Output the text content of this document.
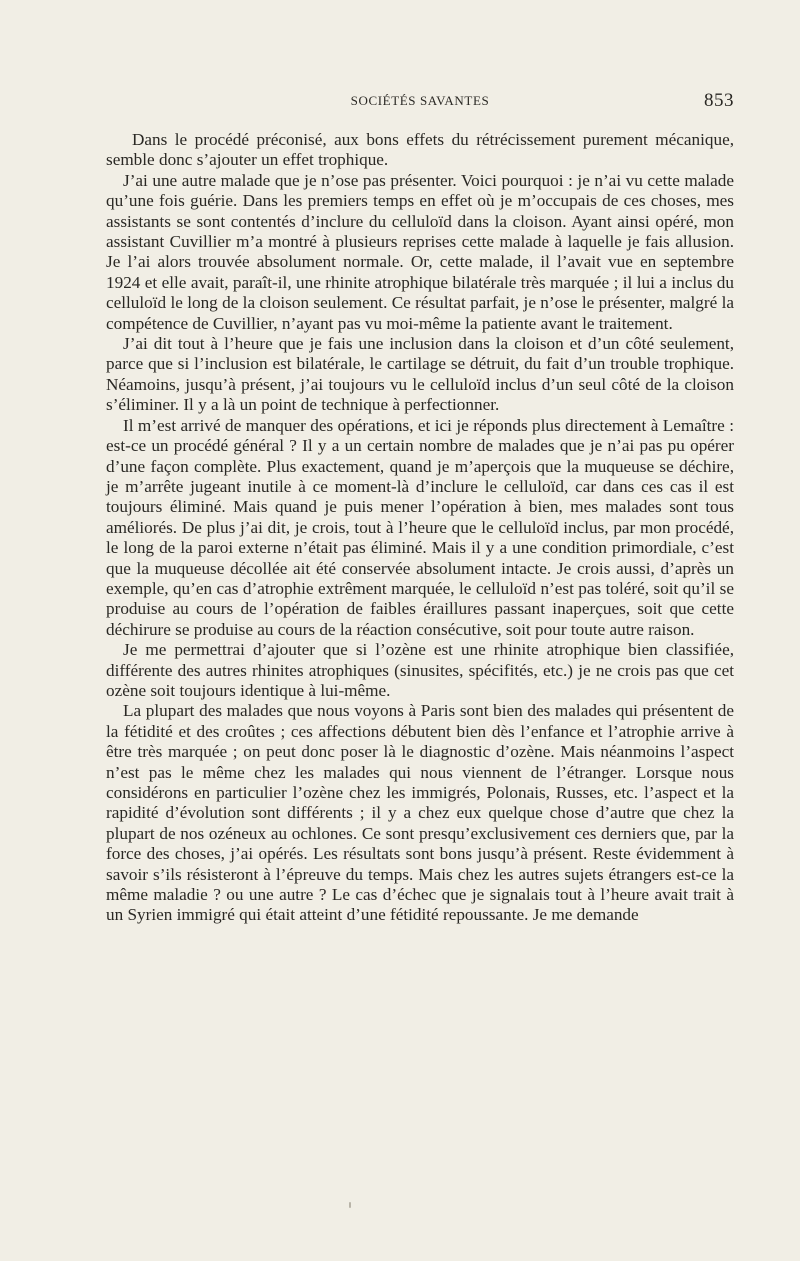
SOCIÉTÉS SAVANTES	853

Dans le procédé préconisé, aux bons effets du rétrécissement purement mécanique, semble donc s’ajouter un effet trophique.

J’ai une autre malade que je n’ose pas présenter. Voici pourquoi : je n’ai vu cette malade qu’une fois guérie. Dans les premiers temps en effet où je m’occupais de ces choses, mes assistants se sont contentés d’inclure du celluloïd dans la cloison. Ayant ainsi opéré, mon assistant Cuvillier m’a montré à plusieurs reprises cette malade à laquelle je fais allusion. Je l’ai alors trouvée absolument normale. Or, cette malade, il l’avait vue en septembre 1924 et elle avait, paraît-il, une rhinite atrophique bilatérale très marquée ; il lui a inclus du celluloïd le long de la cloison seulement. Ce résultat parfait, je n’ose le présenter, malgré la compétence de Cuvillier, n’ayant pas vu moi-même la patiente avant le traitement.

J’ai dit tout à l’heure que je fais une inclusion dans la cloison et d’un côté seulement, parce que si l’inclusion est bilatérale, le cartilage se détruit, du fait d’un trouble trophique. Néamoins, jusqu’à présent, j’ai toujours vu le celluloïd inclus d’un seul côté de la cloison s’éliminer. Il y a là un point de technique à perfectionner.

Il m’est arrivé de manquer des opérations, et ici je réponds plus directement à Lemaître : est-ce un procédé général ? Il y a un certain nombre de malades que je n’ai pas pu opérer d’une façon complète. Plus exactement, quand je m’aperçois que la muqueuse se déchire, je m’arrête jugeant inutile à ce moment-là d’inclure le celluloïd, car dans ces cas il est toujours éliminé. Mais quand je puis mener l’opération à bien, mes malades sont tous améliorés. De plus j’ai dit, je crois, tout à l’heure que le celluloïd inclus, par mon procédé, le long de la paroi externe n’était pas éliminé. Mais il y a une condition primordiale, c’est que la muqueuse décollée ait été conservée absolument intacte. Je crois aussi, d’après un exemple, qu’en cas d’atrophie extrêment marquée, le celluloïd n’est pas toléré, soit qu’il se produise au cours de l’opération de faibles éraillures passant inaperçues, soit que cette déchirure se produise au cours de la réaction consécutive, soit pour toute autre raison.

Je me permettrai d’ajouter que si l’ozène est une rhinite atrophique bien classifiée, différente des autres rhinites atrophiques (sinusites, spécifités, etc.) je ne crois pas que cet ozène soit toujours identique à lui-même.

La plupart des malades que nous voyons à Paris sont bien des malades qui présentent de la fétidité et des croûtes ; ces affections débutent bien dès l’enfance et l’atrophie arrive à être très marquée ; on peut donc poser là le diagnostic d’ozène. Mais néanmoins l’aspect n’est pas le même chez les malades qui nous viennent de l’étranger. Lorsque nous considérons en particulier l’ozène chez les immigrés, Polonais, Russes, etc. l’aspect et la rapidité d’évolution sont différents ; il y a chez eux quelque chose d’autre que chez la plupart de nos ozéneux au ochlones. Ce sont presqu’exclusivement ces derniers que, par la force des choses, j’ai opérés. Les résultats sont bons jusqu’à présent. Reste évidemment à savoir s’ils résisteront à l’épreuve du temps. Mais chez les autres sujets étrangers est-ce la même maladie ? ou une autre ? Le cas d’échec que je signalais tout à l’heure avait trait à un Syrien immigré qui était atteint d’une fétidité repoussante. Je me demande
